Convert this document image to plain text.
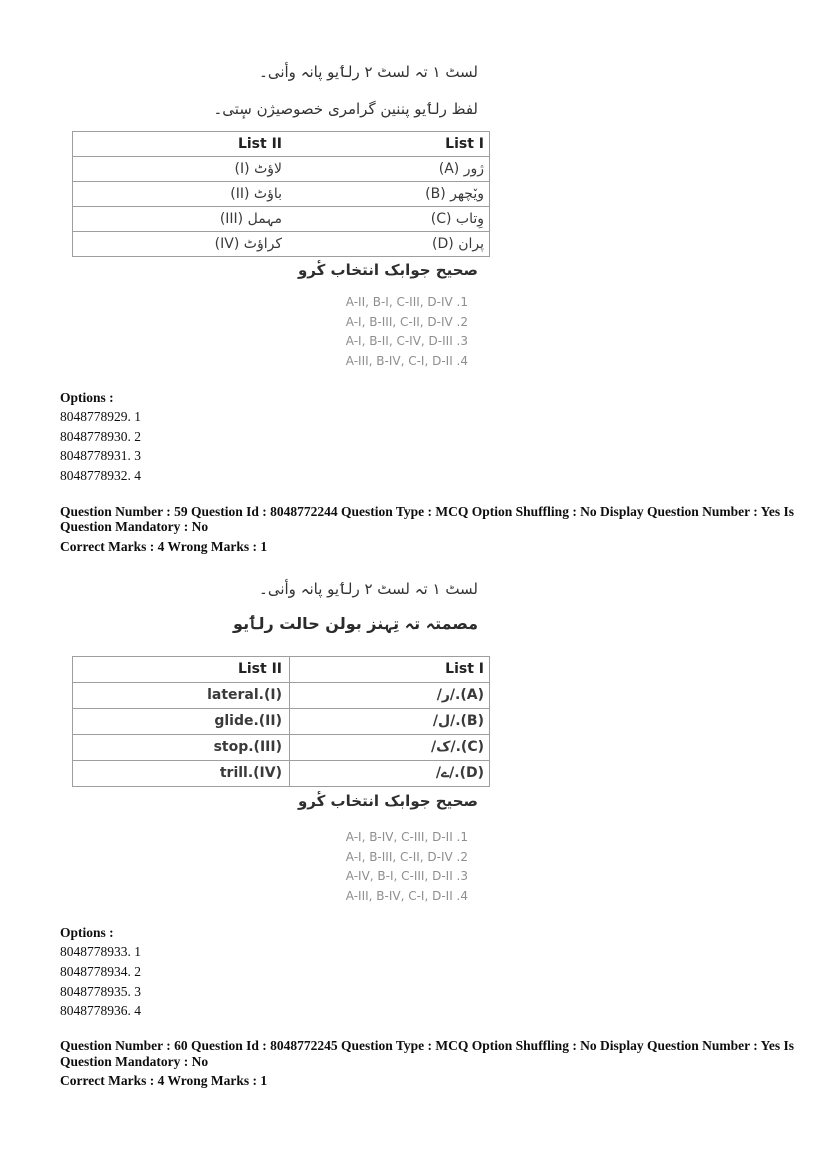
لسٹ ۱ تہ لسٹ ۲ رلٲیو پانہ وأنی۔
لفظ رلٲیو پننین گرامری خصوصیژن سٕتی۔
List II	List I
(I) لاؤٹ	(A) ژور
(II) باؤٹ	(B) ویٚچھر
(III) مہمل	(C) وِتاب
(IV) کراؤٹ	(D) پران
صحیح جوابک انتخاب کٔرو
A-II, B-I, C-III, D-IV .1
A-I, B-III, C-II, D-IV .2
A-I, B-II, C-IV, D-III .3
A-III, B-IV, C-I, D-II .4
Options :
8048778929. 1
8048778930. 2
8048778931. 3
8048778932. 4
Question Number : 59 Question Id : 8048772244 Question Type : MCQ Option Shuffling : No Display Question Number : Yes Is
Question Mandatory : No
Correct Marks : 4 Wrong Marks : 1
لسٹ ۱ تہ لسٹ ۲ رلٲیو پانہ وأنی۔
مصمتہ تہ تِہنز بولن حالت رلٲیو
List II	List I
lateral.(I)	/ر/.(A)
glide.(II)	/ل/.(B)
stop.(III)	/ک/.(C)
trill.(IV)	/ے/.(D)
صحیح جوابک انتخاب کٔرو
A-I, B-IV, C-III, D-II .1
A-I, B-III, C-II, D-IV .2
A-IV, B-I, C-III, D-II .3
A-III, B-IV, C-I, D-II .4
Options :
8048778933. 1
8048778934. 2
8048778935. 3
8048778936. 4
Question Number : 60 Question Id : 8048772245 Question Type : MCQ Option Shuffling : No Display Question Number : Yes Is
Question Mandatory : No
Correct Marks : 4 Wrong Marks : 1
